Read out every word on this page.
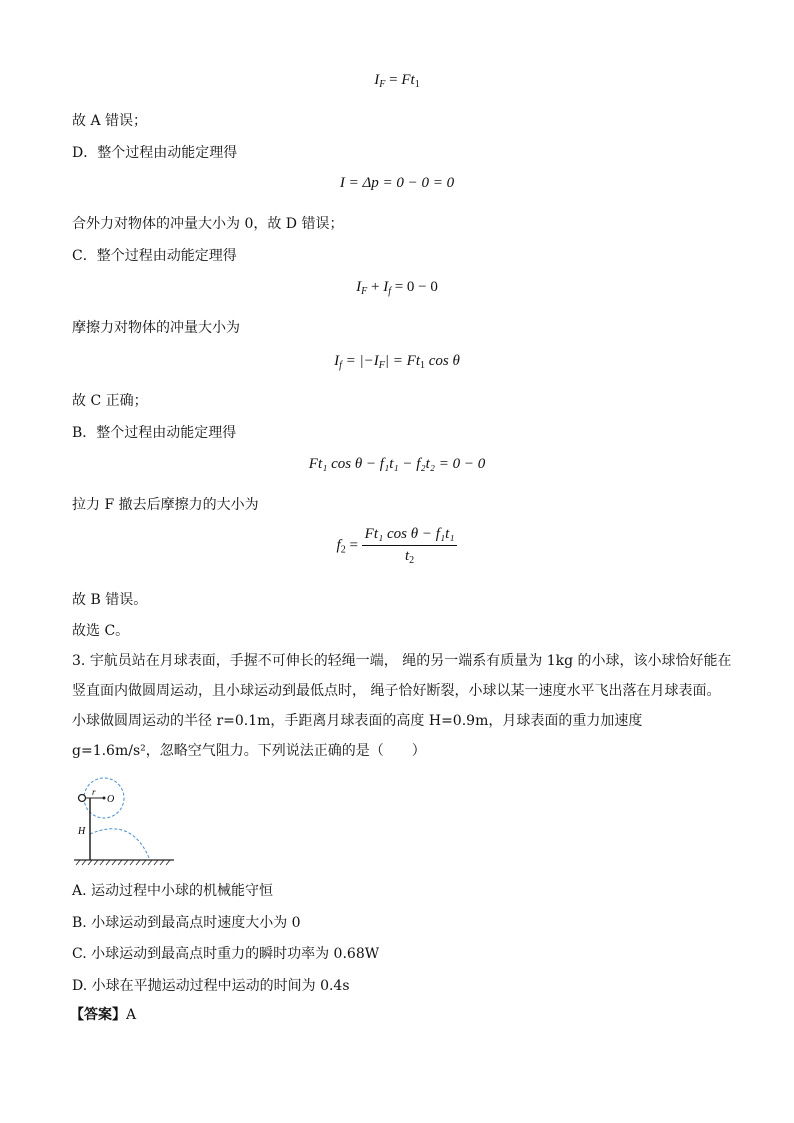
$I_F = Ft_1$
故 A 错误；
D．整个过程由动能定理得
I = Δp = 0 − 0 = 0
合外力对物体的冲量大小为 0，故 D 错误；
C．整个过程由动能定理得
$I_F + I_f = 0 - 0$
摩擦力对物体的冲量大小为
$I_f = |-I_F| = Ft_1$ cos θ
故 C 正确；
B．整个过程由动能定理得
Ft₁ cos θ − f₁t₁ − f₂t₂ = 0 − 0
拉力 F 撤去后摩擦力的大小为
$f_2 = \frac{\text{Ft₁ cos θ − f₁t₁}}{t_2}$
故 B 错误。
故选 C。
3. 宇航员站在月球表面，手握不可伸长的轻绳一端， 绳的另一端系有质量为 1kg 的小球，该小球恰好能在竖直面内做圆周运动，且小球运动到最低点时， 绳子恰好断裂，小球以某一速度水平飞出落在月球表面。小球做圆周运动的半径 r=0.1m，手距离月球表面的高度 H=0.9m，月球表面的重力加速度 g=1.6m/s²，忽略空气阻力。下列说法正确的是（　　）
r
O
H
A. 运动过程中小球的机械能守恒
B. 小球运动到最高点时速度大小为 0
C. 小球运动到最高点时重力的瞬时功率为 0.68W
D. 小球在平抛运动过程中运动的时间为 0.4s
【答案】A
